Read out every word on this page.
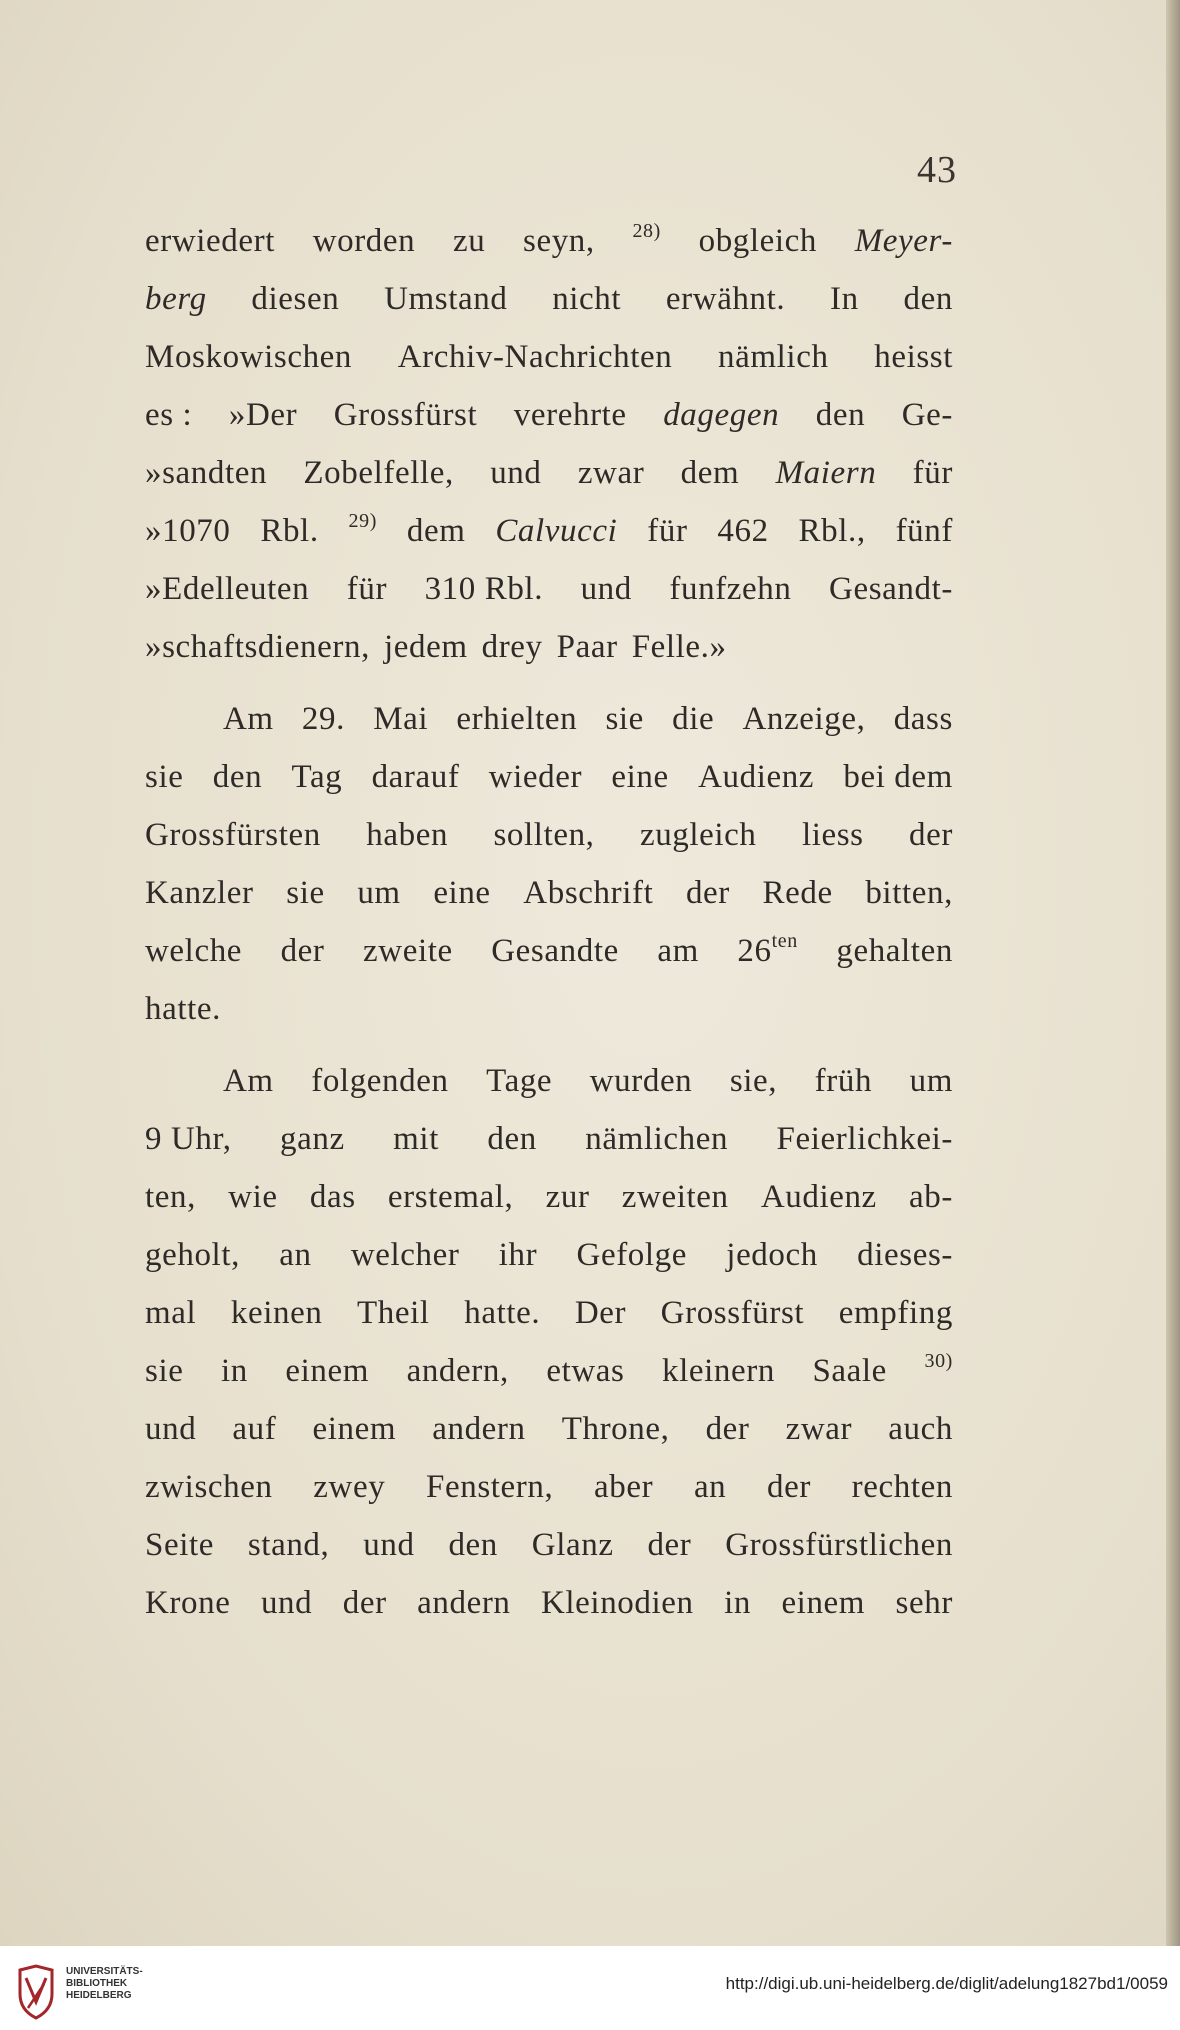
43
erwiedert worden zu seyn, $^{28)}$ obgleich Meyer-
berg diesen Umstand nicht erwähnt. In den
Moskowischen Archiv-Nachrichten nämlich heisst
es : »Der Grossfürst verehrte dagegen den Ge-
»sandten Zobelfelle, und zwar dem Maiern für
»1070 Rbl. $^{29)}$ dem Calvucci für 462 Rbl., fünf
»Edelleuten für 310 Rbl. und funfzehn Gesandt-
»schaftsdienern, jedem drey Paar Felle.»
Am 29. Mai erhielten sie die Anzeige, dass
sie den Tag darauf wieder eine Audienz bei dem
Grossfürsten haben sollten, zugleich liess der
Kanzler sie um eine Abschrift der Rede bitten,
welche der zweite Gesandte am $26^{ten}$ gehalten
hatte.
Am folgenden Tage wurden sie, früh um
9 Uhr, ganz mit den nämlichen Feierlichkei-
ten, wie das erstemal, zur zweiten Audienz ab-
geholt, an welcher ihr Gefolge jedoch dieses-
mal keinen Theil hatte. Der Grossfürst empfing
sie in einem andern, etwas kleinern Saale $^{30)}$
und auf einem andern Throne, der zwar auch
zwischen zwey Fenstern, aber an der rechten
Seite stand, und den Glanz der Grossfürstlichen
Krone und der andern Kleinodien in einem sehr
UNIVERSITÄTS-
BIBLIOTHEK
HEIDELBERG
http://digi.ub.uni-heidelberg.de/diglit/adelung1827bd1/0059
